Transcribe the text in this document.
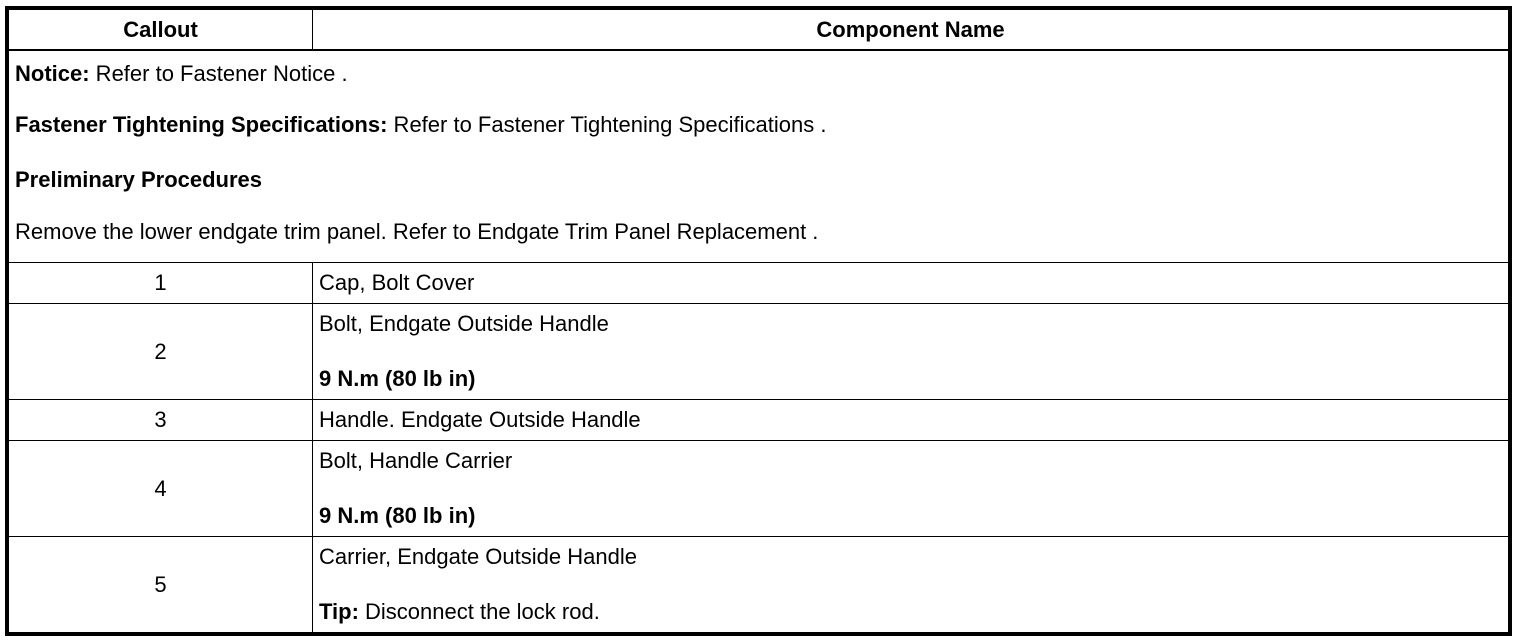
Callout	Component Name

Notice: Refer to Fastener Notice .

Fastener Tightening Specifications: Refer to Fastener Tightening Specifications .

Preliminary Procedures

Remove the lower endgate trim panel. Refer to Endgate Trim Panel Replacement .	

1	Cap, Bolt Cover
2	Bolt, Endgate Outside Handle
9 N.m (80 lb in)

3	Handle. Endgate Outside Handle
4	Bolt, Handle Carrier
9 N.m (80 lb in)

5	Carrier, Endgate Outside Handle
Tip: Disconnect the lock rod.
